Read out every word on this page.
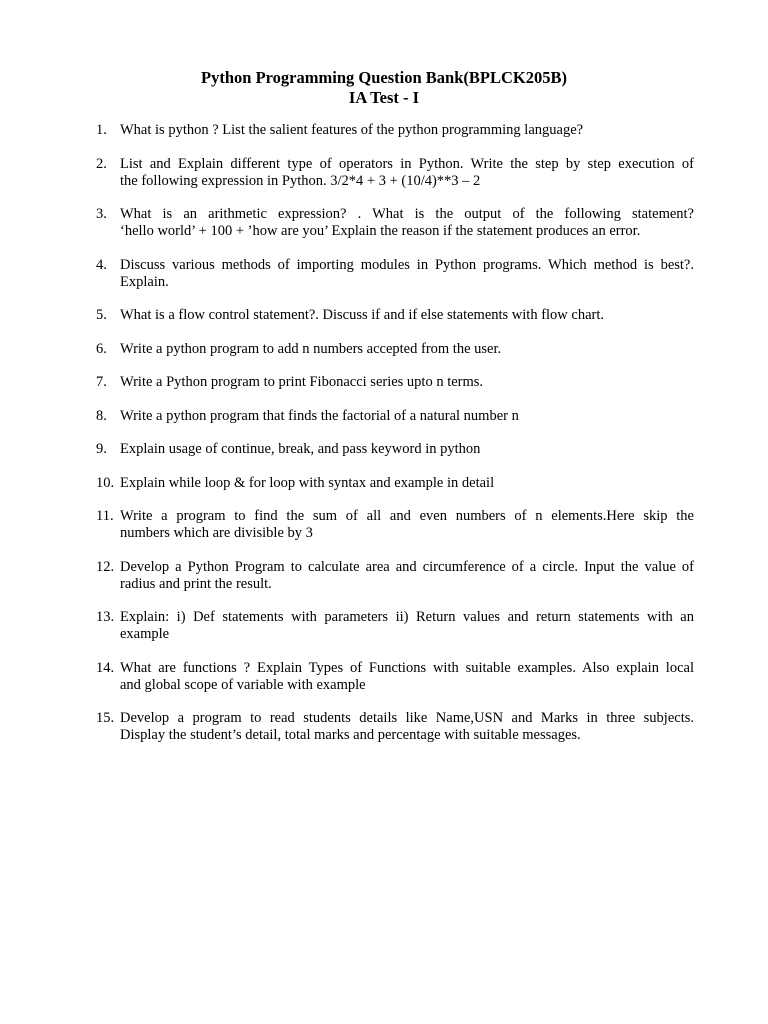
Python Programming Question Bank(BPLCK205B)
IA Test - I
1. What is python ? List the salient features of the python programming language?
2. List and Explain different type of operators in Python. Write the step by step execution of
the following expression in Python. 3/2*4 + 3 + (10/4)**3 – 2
3. What is an arithmetic expression? . What is the output of the following statement?
‘hello world’ + 100 + ’how are you’ Explain the reason if the statement produces an error.
4. Discuss various methods of importing modules in Python programs. Which method is best?.
Explain.
5. What is a flow control statement?. Discuss if and if else statements with flow chart.
6. Write a python program to add n numbers accepted from the user.
7. Write a Python program to print Fibonacci series upto n terms.
8. Write a python program that finds the factorial of a natural number n
9. Explain usage of continue, break, and pass keyword in python
10. Explain while loop & for loop with syntax and example in detail
11. Write a program to find the sum of all and even numbers of n elements.Here skip the
numbers which are divisible by 3
12. Develop a Python Program to calculate area and circumference of a circle. Input the value of
radius and print the result.
13. Explain: i) Def statements with parameters ii) Return values and return statements with an
example
14. What are functions ? Explain Types of Functions with suitable examples. Also explain local
and global scope of variable with example
15. Develop a program to read students details like Name,USN and Marks in three subjects.
Display the student’s detail, total marks and percentage with suitable messages.
